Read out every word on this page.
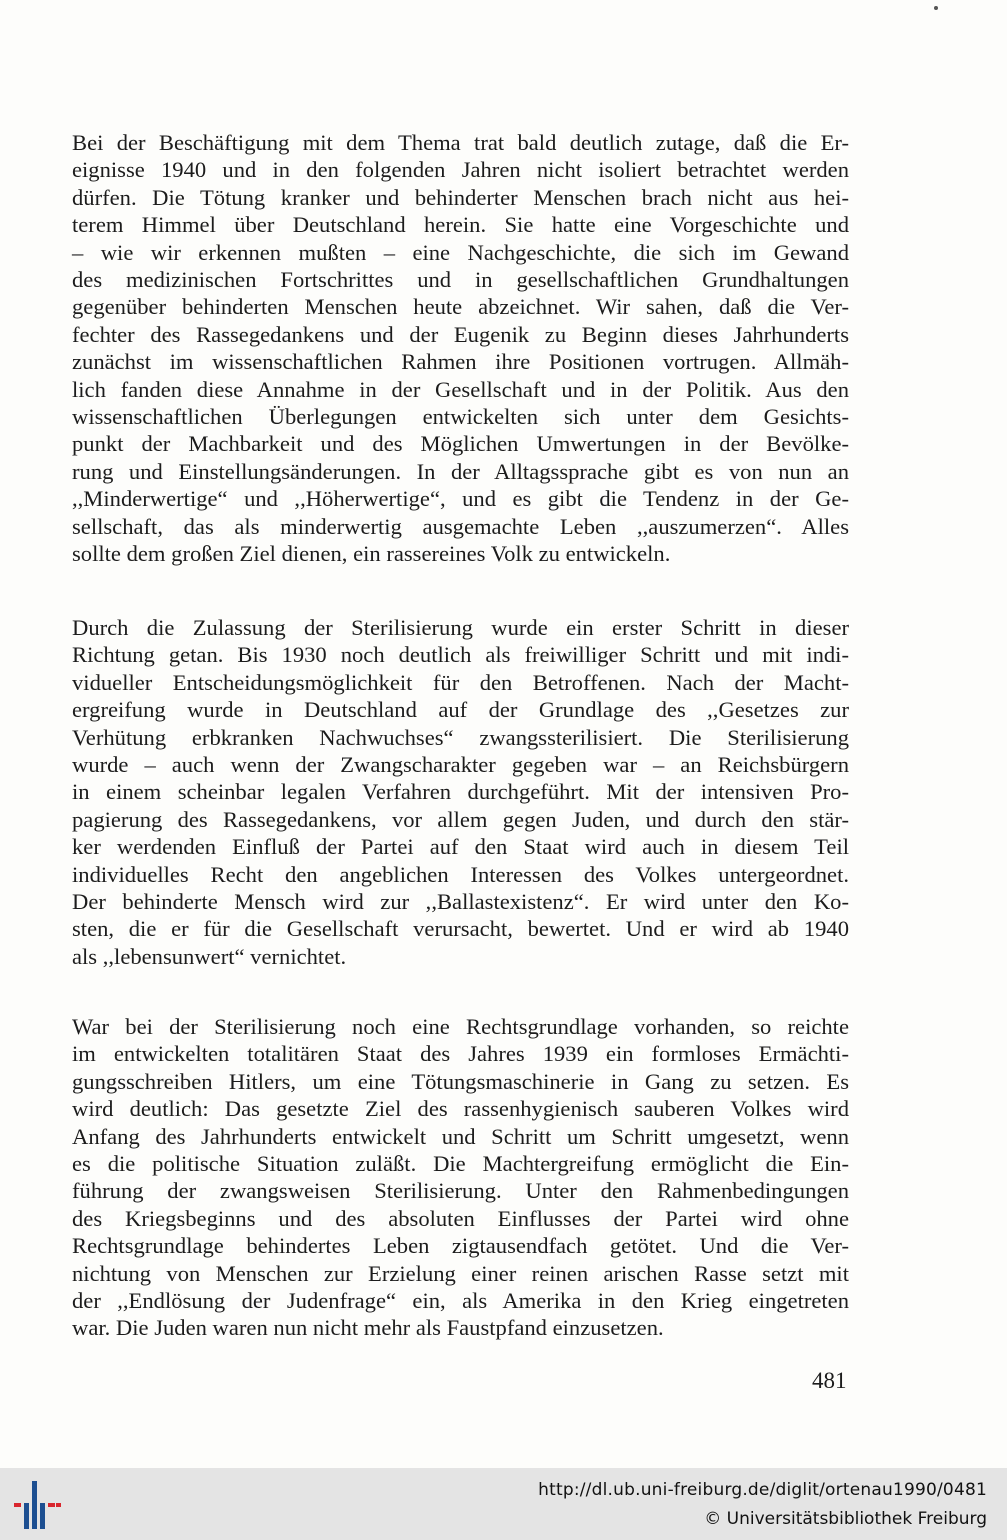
Bei der Beschäftigung mit dem Thema trat bald deutlich zutage, daß die Er-
eignisse 1940 und in den folgenden Jahren nicht isoliert betrachtet werden
dürfen. Die Tötung kranker und behinderter Menschen brach nicht aus hei-
terem Himmel über Deutschland herein. Sie hatte eine Vorgeschichte und
– wie wir erkennen mußten – eine Nachgeschichte, die sich im Gewand
des medizinischen Fortschrittes und in gesellschaftlichen Grundhaltungen
gegenüber behinderten Menschen heute abzeichnet. Wir sahen, daß die Ver-
fechter des Rassegedankens und der Eugenik zu Beginn dieses Jahrhunderts
zunächst im wissenschaftlichen Rahmen ihre Positionen vortrugen. Allmäh-
lich fanden diese Annahme in der Gesellschaft und in der Politik. Aus den
wissenschaftlichen Überlegungen entwickelten sich unter dem Gesichts-
punkt der Machbarkeit und des Möglichen Umwertungen in der Bevölke-
rung und Einstellungsänderungen. In der Alltagssprache gibt es von nun an
,,Minderwertige“ und ,,Höherwertige“, und es gibt die Tendenz in der Ge-
sellschaft, das als minderwertig ausgemachte Leben ,,auszumerzen“. Alles
sollte dem großen Ziel dienen, ein rassereines Volk zu entwickeln.
Durch die Zulassung der Sterilisierung wurde ein erster Schritt in dieser
Richtung getan. Bis 1930 noch deutlich als freiwilliger Schritt und mit indi-
vidueller Entscheidungsmöglichkeit für den Betroffenen. Nach der Macht-
ergreifung wurde in Deutschland auf der Grundlage des ,,Gesetzes zur
Verhütung erbkranken Nachwuchses“ zwangssterilisiert. Die Sterilisierung
wurde – auch wenn der Zwangscharakter gegeben war – an Reichsbürgern
in einem scheinbar legalen Verfahren durchgeführt. Mit der intensiven Pro-
pagierung des Rassegedankens, vor allem gegen Juden, und durch den stär-
ker werdenden Einfluß der Partei auf den Staat wird auch in diesem Teil
individuelles Recht den angeblichen Interessen des Volkes untergeordnet.
Der behinderte Mensch wird zur ,,Ballastexistenz“. Er wird unter den Ko-
sten, die er für die Gesellschaft verursacht, bewertet. Und er wird ab 1940
als ,,lebensunwert“ vernichtet.
War bei der Sterilisierung noch eine Rechtsgrundlage vorhanden, so reichte
im entwickelten totalitären Staat des Jahres 1939 ein formloses Ermächti-
gungsschreiben Hitlers, um eine Tötungsmaschinerie in Gang zu setzen. Es
wird deutlich: Das gesetzte Ziel des rassenhygienisch sauberen Volkes wird
Anfang des Jahrhunderts entwickelt und Schritt um Schritt umgesetzt, wenn
es die politische Situation zuläßt. Die Machtergreifung ermöglicht die Ein-
führung der zwangsweisen Sterilisierung. Unter den Rahmenbedingungen
des Kriegsbeginns und des absoluten Einflusses der Partei wird ohne
Rechtsgrundlage behindertes Leben zigtausendfach getötet. Und die Ver-
nichtung von Menschen zur Erzielung einer reinen arischen Rasse setzt mit
der ,,Endlösung der Judenfrage“ ein, als Amerika in den Krieg eingetreten
war. Die Juden waren nun nicht mehr als Faustpfand einzusetzen.
481
http://dl.ub.uni-freiburg.de/diglit/ortenau1990/0481
© Universitätsbibliothek Freiburg
